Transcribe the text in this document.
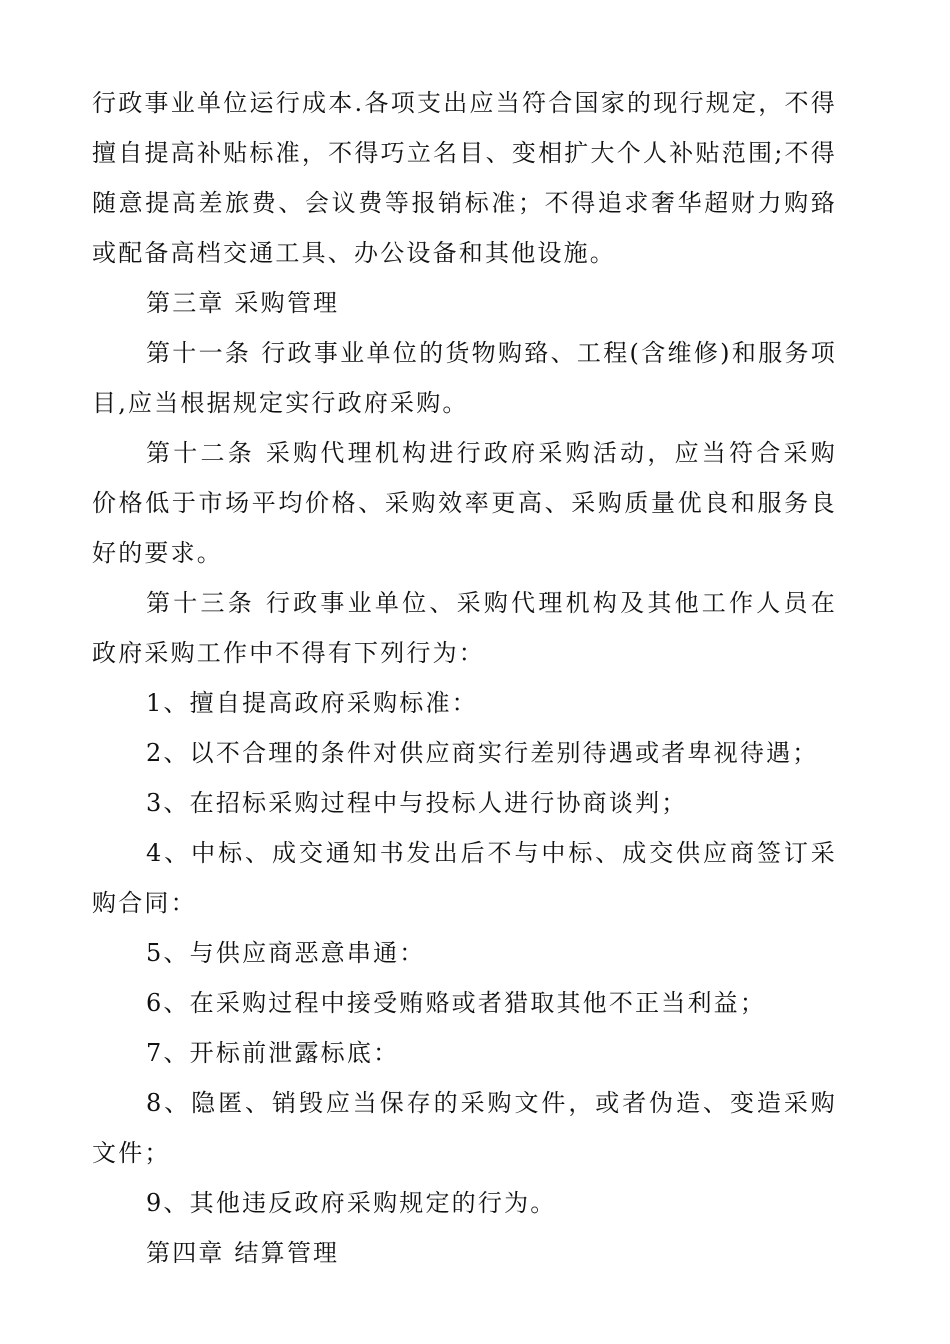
行政事业单位运行成本.各项支出应当符合国家的现行规定，不得擅自提高补贴标准，不得巧立名目、变相扩大个人补贴范围;不得随意提高差旅费、会议费等报销标准；不得追求奢华超财力购臵或配备高档交通工具、办公设备和其他设施。

第三章 采购管理

第十一条 行政事业单位的货物购臵、工程(含维修)和服务项目,应当根据规定实行政府采购。

第十二条 采购代理机构进行政府采购活动，应当符合采购价格低于市场平均价格、采购效率更高、采购质量优良和服务良好的要求。

第十三条 行政事业单位、采购代理机构及其他工作人员在政府采购工作中不得有下列行为：

1、擅自提高政府采购标准：

2、以不合理的条件对供应商实行差别待遇或者卑视待遇；

3、在招标采购过程中与投标人进行协商谈判；

4、中标、成交通知书发出后不与中标、成交供应商签订采购合同：

5、与供应商恶意串通：

6、在采购过程中接受贿赂或者猎取其他不正当利益；

7、开标前泄露标底：

8、隐匿、销毁应当保存的采购文件，或者伪造、变造采购文件；

9、其他违反政府采购规定的行为。

第四章 结算管理
